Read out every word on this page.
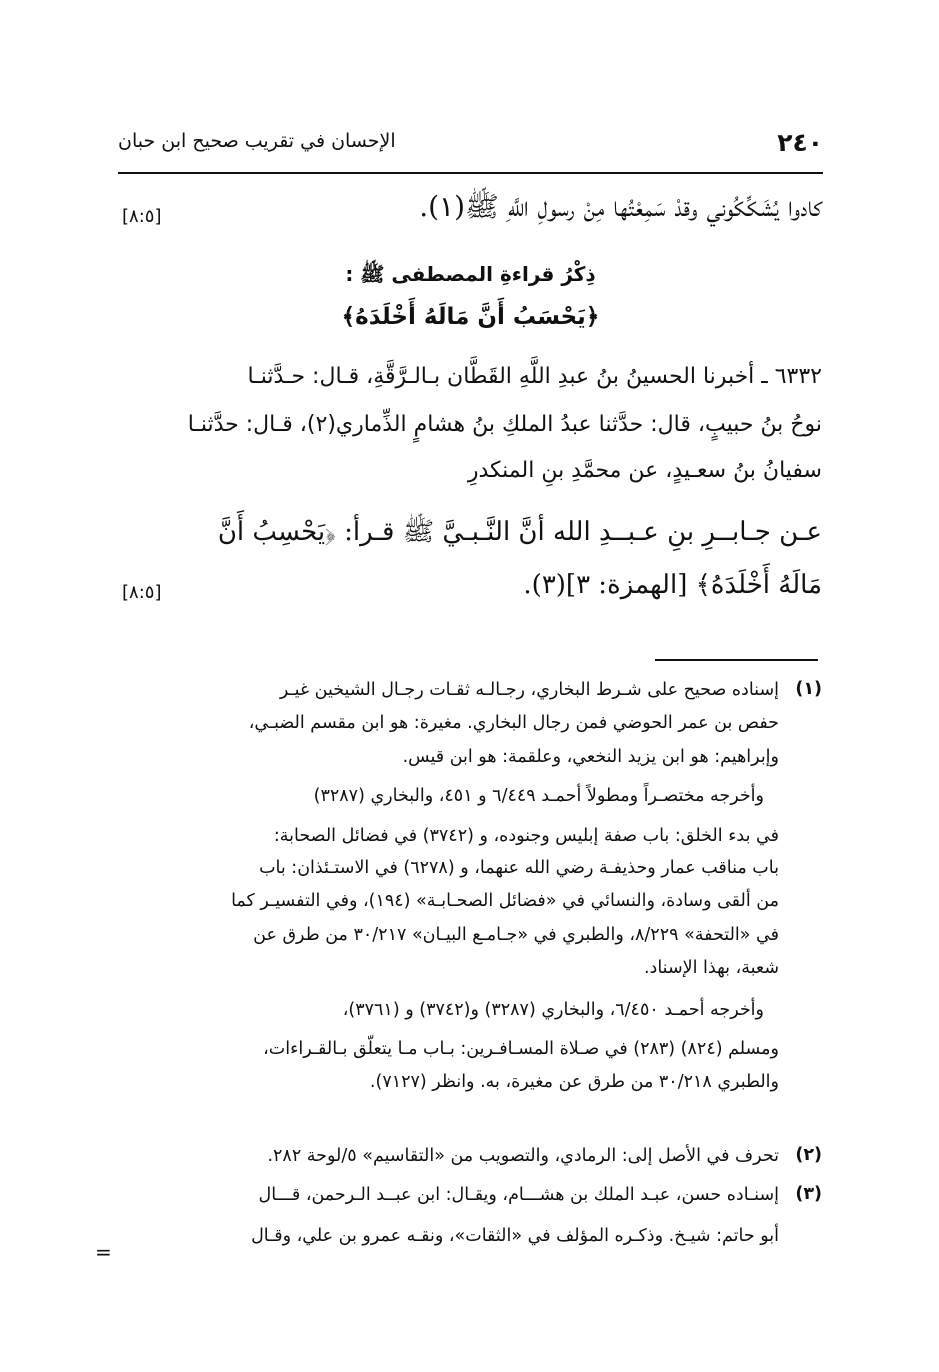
٢٤٠
الإحسان في تقريب صحيح ابن حبان
كادوا يُشَكِّكُوني وقدْ سَمِعْتُها مِنْ رسولِ اللَّهِ ﷺ(١).
[٨:٥]
ذِكْرُ قراءةِ المصطفى ﷺ :
﴿يَحْسَبُ أَنَّ مَالَهُ أَخْلَدَهُ﴾
٦٣٣٢ ـ أخبرنا الحسينُ بنُ عبدِ اللَّهِ القَطَّان بـالـرَّقَّةِ، قـال: حـدَّثنـا
نوحُ بنُ حبيبٍ، قال: حدَّثنا عبدُ الملكِ بنُ هشامٍ الذِّماري(٢)، قـال: حدَّثنـا
سفيانُ بنُ سعـيدٍ، عن محمَّدِ بنِ المنكدرِ
عـن جـابــرِ بنِ عـبــدِ الله أنَّ النَّـبـيَّ ﷺ قـرأ: ﴿يَحْسِبُ أَنَّ
مَالَهُ أَخْلَدَهُ﴾ [الهمزة: ٣](٣).
[٨:٥]
(١)
إسناده صحيح على شـرط البخاري، رجـالـه ثقـات رجـال الشيخين غيـر
حفص بن عمر الحوضي فمن رجال البخاري. مغيرة: هو ابن مقسم الضبـي،
وإبراهيم: هو ابن يزيد النخعي، وعلقمة: هو ابن قيس.
وأخرجه مختصـراً ومطولاً أحمـد ٦/٤٤٩ و ٤٥١، والبخاري (٣٢٨٧)
في بدء الخلق: باب صفة إبليس وجنوده، و (٣٧٤٢) في فضائل الصحابة:
باب مناقب عمار وحذيفـة رضي الله عنهما، و (٦٢٧٨) في الاستـئذان: باب
من ألقى وسادة، والنسائي في «فضائل الصحـابـة» (١٩٤)، وفي التفسيـر كما
في «التحفة» ٨/٢٢٩، والطبري في «جـامـع البيـان» ٣٠/٢١٧ من طرق عن
شعبة، بهذا الإسناد.
وأخرجه أحمـد ٦/٤٥٠، والبخاري (٣٢٨٧) و(٣٧٤٢) و (٣٧٦١)،
ومسلم (٨٢٤) (٢٨٣) في صـلاة المسـافـرين: بـاب مـا يتعلّق بـالقـراءات،
والطبري ٣٠/٢١٨ من طرق عن مغيرة، به. وانظر (٧١٢٧).
(٢)
تحرف في الأصل إلى: الرمادي، والتصويب من «التقاسيم» ٥/لوحة ٢٨٢.
(٣)
إسنـاده حسن، عبـد الملك بن هشـــام، ويقـال: ابن عبــد الـرحمن، قـــال
أبو حاتم: شيـخ. وذكـره المؤلف في «الثقات»، ونقـه عمرو بن علي، وقـال
=
